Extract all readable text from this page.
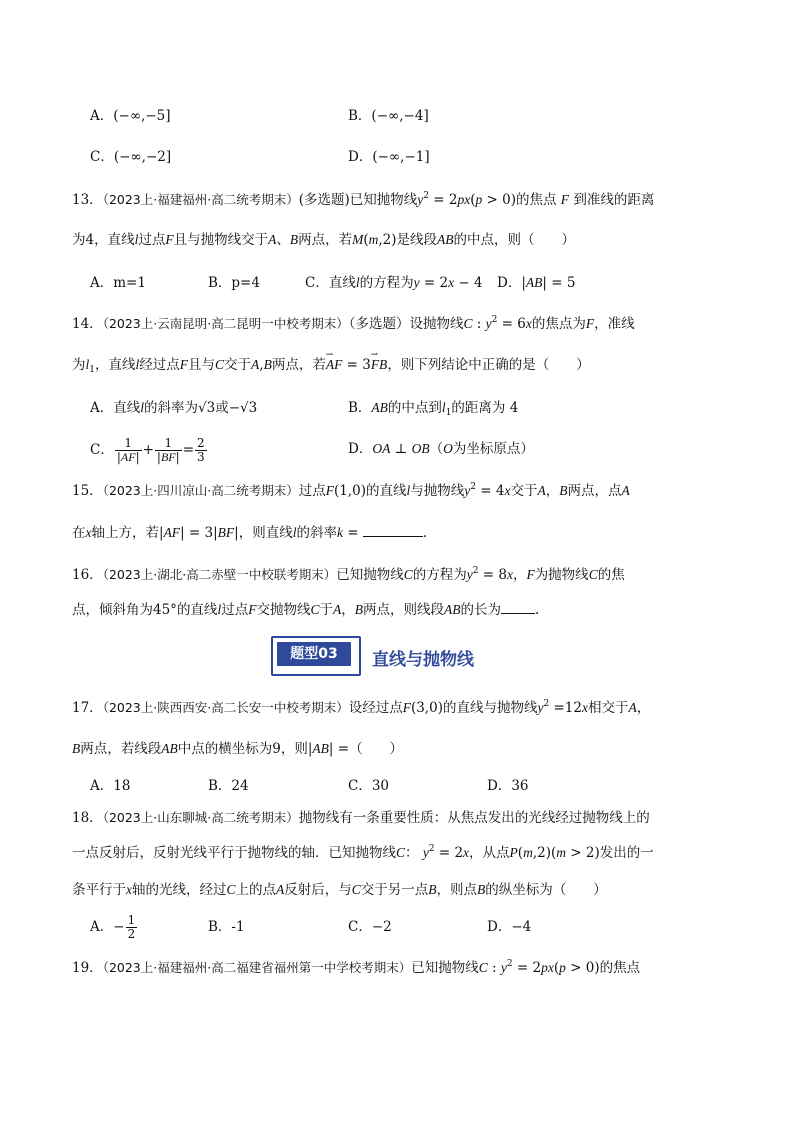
A．(−∞,−5]	B．(−∞,−4]
C．(−∞,−2]	D．(−∞,−1]
13．（2023上·福建福州·高二统考期末）(多选题)已知抛物线$y^2 = 2px(p > 0)$的焦点 F 到准线的距离
为4，直线l过点F且与抛物线交于A、B两点，若M(m,2)是线段AB的中点，则（　　）
A．m=1	B．p=4	C．直线l的方程为y = 2x − 4 D．|AB| = 5
14．（2023上·云南昆明·高二昆明一中校考期末）（多选题）设抛物线C : $y^2 = 6x$的焦点为F，准线
为$l_1$，直线l经过点F且与C交于A,B两点，若⇀ AF = 3⇀ FB，则下列结论中正确的是（　　）
A．直线l的斜率为√3或−√3	B．AB的中点到$l_1$的距离为 4
C． $\frac{1}{|AF|} + \frac{1}{|BF|} = \frac{2}{3}$	D．OA ⊥ OB（O为坐标原点）
15．（2023上·四川凉山·高二统考期末）过点F(1,0)的直线l与抛物线$y^2 = 4x$交于A，B两点，点A
在x轴上方，若|AF| = 3|BF|，则直线l的斜率k =	.
16．（2023上·湖北·高二赤壁一中校联考期末）已知抛物线C的方程为$y^2 = 8x$，F为抛物线C的焦
点，倾斜角为45°的直线l过点F交抛物线C于A，B两点，则线段AB的长为	.
题型03	直线与抛物线
17．（2023上·陕西西安·高二长安一中校考期末）设经过点F(3,0)的直线与抛物线$y^2 =12x$相交于A，
B两点，若线段AB中点的横坐标为9，则|AB| =（　　）
A．18	B．24	C．30	D．36
18．（2023上·山东聊城·高二统考期末）抛物线有一条重要性质：从焦点发出的光线经过抛物线上的
一点反射后，反射光线平行于抛物线的轴．已知抛物线C： $y^2 = 2x$，从点P(m,2)(m > 2)发出的一
条平行于x轴的光线，经过C上的点A反射后，与C交于另一点B，则点B的纵坐标为（　　）
A．− $\frac{1}{2}$	B．-1	C．−2	D．−4
19．（2023上·福建福州·高二福建省福州第一中学校考期末）已知抛物线C : $y^2 = 2px(p > 0)$的焦点
